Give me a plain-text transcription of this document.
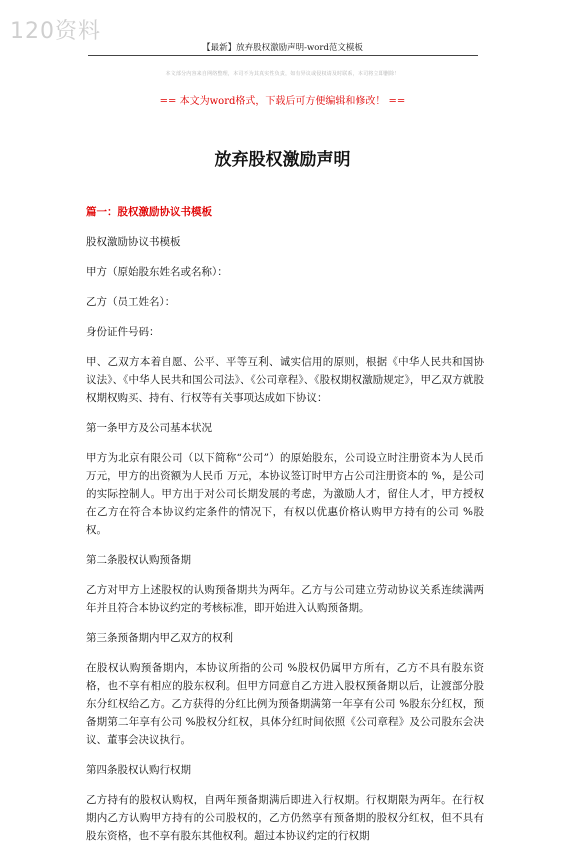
120资料
【最新】放弃股权激励声明-word范文模板
本文部分内容来自网络整理，本司不为其真实性负责，如有异议或侵权请及时联系，本司将立即删除！
== 本文为word格式，下载后可方便编辑和修改！ ==
放弃股权激励声明

篇一：股权激励协议书模板

股权激励协议书模板

甲方（原始股东姓名或名称）：

乙方（员工姓名）：

身份证件号码：

甲、乙双方本着自愿、公平、平等互利、诚实信用的原则，根据《中华人民共和国协议法》、《中华人民共和国公司法》、《公司章程》、《股权期权激励规定》，甲乙双方就股权期权购买、持有、行权等有关事项达成如下协议：

第一条甲方及公司基本状况

甲方为北京有限公司（以下简称“公司”）的原始股东，公司设立时注册资本为人民币 万元，甲方的出资额为人民币 万元，本协议签订时甲方占公司注册资本的 %，是公司的实际控制人。甲方出于对公司长期发展的考虑，为激励人才，留住人才，甲方授权在乙方在符合本协议约定条件的情况下，有权以优惠价格认购甲方持有的公司 %股权。

第二条股权认购预备期

乙方对甲方上述股权的认购预备期共为两年。乙方与公司建立劳动协议关系连续满两年并且符合本协议约定的考核标准，即开始进入认购预备期。

第三条预备期内甲乙双方的权利

在股权认购预备期内，本协议所指的公司 %股权仍属甲方所有，乙方不具有股东资格，也不享有相应的股东权利。但甲方同意自乙方进入股权预备期以后，让渡部分股东分红权给乙方。乙方获得的分红比例为预备期满第一年享有公司 %股东分红权，预备期第二年享有公司 %股权分红权，具体分红时间依照《公司章程》及公司股东会决议、董事会决议执行。

第四条股权认购行权期

乙方持有的股权认购权，自两年预备期满后即进入行权期。行权期限为两年。在行权期内乙方认购甲方持有的公司股权的，乙方仍然享有预备期的股权分红权，但不具有股东资格，也不享有股东其他权利。超过本协议约定的行权期
